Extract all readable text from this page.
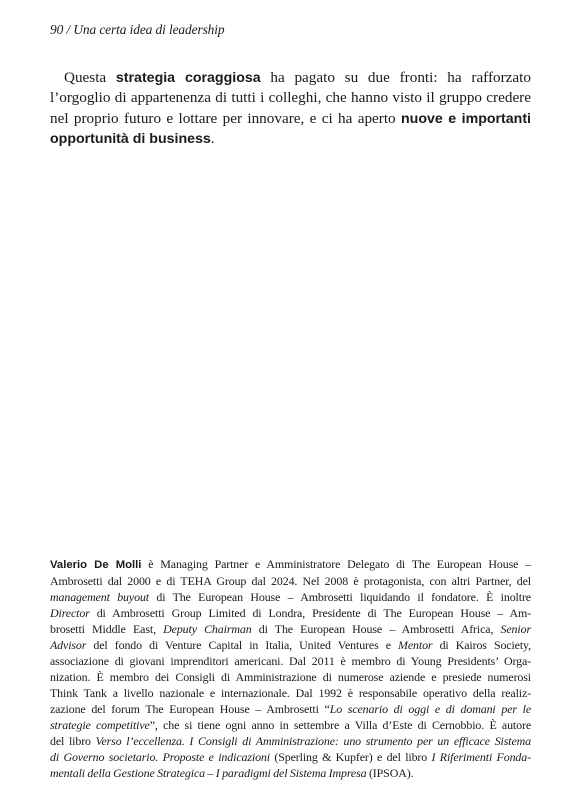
90 / Una certa idea di leadership

Questa strategia coraggiosa ha pagato su due fronti: ha rafforzato l’orgoglio di appartenenza di tutti i colleghi, che hanno visto il gruppo credere nel proprio futuro e lottare per innovare, e ci ha aperto nuove e importanti opportunità di business.

Valerio De Molli è Managing Partner e Amministratore Delegato di The European House –
Ambrosetti dal 2000 e di TEHA Group dal 2024. Nel 2008 è protagonista, con altri Partner, del
management buyout di The European House – Ambrosetti liquidando il fondatore. È inoltre
Director di Ambrosetti Group Limited di Londra, Presidente di The European House – Am-
brosetti Middle East, Deputy Chairman di The European House – Ambrosetti Africa, Senior
Advisor del fondo di Venture Capital in Italia, United Ventures e Mentor di Kairos Society,
associazione di giovani imprenditori americani. Dal 2011 è membro di Young Presidents’ Orga-
nization. È membro dei Consigli di Amministrazione di numerose aziende e presiede numerosi
Think Tank a livello nazionale e internazionale. Dal 1992 è responsabile operativo della realiz-
zazione del forum The European House – Ambrosetti “Lo scenario di oggi e di domani per le
strategie competitive”, che si tiene ogni anno in settembre a Villa d’Este di Cernobbio. È autore
del libro Verso l’eccellenza. I Consigli di Amministrazione: uno strumento per un efficace Sistema
di Governo societario. Proposte e indicazioni (Sperling & Kupfer) e del libro I Riferimenti Fonda-
mentali della Gestione Strategica – I paradigmi del Sistema Impresa (IPSOA).
